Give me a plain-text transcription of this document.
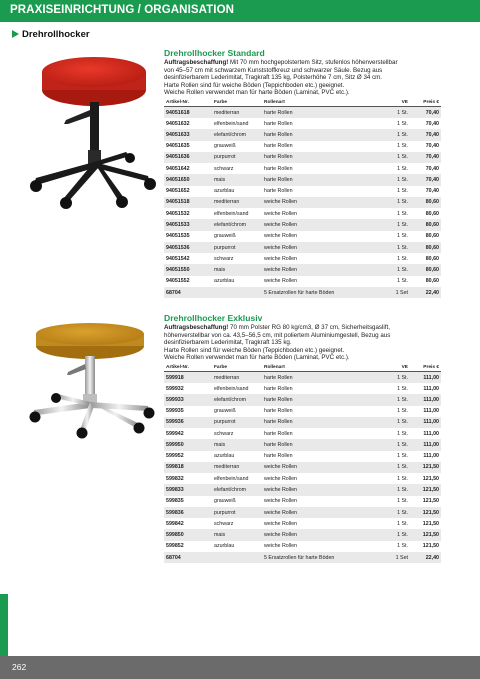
PRAXISEINRICHTUNG / ORGANISATION
Drehrollhocker
Drehrollhocker Standard
Auftragsbeschaffung! Mit 70 mm hochgepolstertem Sitz, stufenlos höhenverstellbar
von 45–57 cm mit schwarzem Kunststoffkreuz und schwarzer Säule. Bezug aus
desinfizierbarem Lederimitat, Tragkraft 135 kg, Polsterhöhe 7 cm, Sitz Ø 34 cm.
Harte Rollen sind für weiche Böden (Teppichboden etc.) geeignet.
Weiche Rollen verwendet man für harte Böden (Laminat, PVC etc.).
Artikel-Nr.	Farbe	Rollenart	VE	Preis €
94051618	mediterran	harte Rollen	1 St.	70,40
94051632	elfenbein/sand	harte Rollen	1 St.	70,40
94051633	elefant/chrom	harte Rollen	1 St.	70,40
94051635	grauweiß	harte Rollen	1 St.	70,40
94051636	purpurrot	harte Rollen	1 St.	70,40
94051642	schwarz	harte Rollen	1 St.	70,40
94051650	mais	harte Rollen	1 St.	70,40
94051652	azurblau	harte Rollen	1 St.	70,40
94051518	mediterran	weiche Rollen	1 St.	80,60
94051532	elfenbein/sand	weiche Rollen	1 St.	80,60
94051533	elefant/chrom	weiche Rollen	1 St.	80,60
94051535	grauweiß	weiche Rollen	1 St.	80,60
94051536	purpurrot	weiche Rollen	1 St.	80,60
94051542	schwarz	weiche Rollen	1 St.	80,60
94051550	mais	weiche Rollen	1 St.	80,60
94051552	azurblau	weiche Rollen	1 St.	80,60
68704		5 Ersatzrollen für harte Böden	1 Set	22,40
Drehrollhocker Exklusiv
Auftragsbeschaffung! 70 mm Polster RG 80 kg/cm3, Ø 37 cm, Sicherheitsgaslift,
höhenverstellbar von ca. 43,5–56,5 cm, mit poliertem Aluminiumgestell, Bezug aus
desinfizierbarem Lederimitat, Tragkraft 135 kg.
Harte Rollen sind für weiche Böden (Teppichboden etc.) geeignet.
Weiche Rollen verwendet man für harte Böden (Laminat, PVC etc.).
Artikel-Nr.	Farbe	Rollenart	VE	Preis €
599918	mediterran	harte Rollen	1 St.	111,00
599932	elfenbein/sand	harte Rollen	1 St.	111,00
599933	elefant/chrom	harte Rollen	1 St.	111,00
599935	grauweiß	harte Rollen	1 St.	111,00
599936	purpurrot	harte Rollen	1 St.	111,00
599942	schwarz	harte Rollen	1 St.	111,00
599950	mais	harte Rollen	1 St.	111,00
599952	azurblau	harte Rollen	1 St.	111,00
599818	mediterran	weiche Rollen	1 St.	121,50
599832	elfenbein/sand	weiche Rollen	1 St.	121,50
599833	elefant/chrom	weiche Rollen	1 St.	121,50
599835	grauweiß	weiche Rollen	1 St.	121,50
599836	purpurrot	weiche Rollen	1 St.	121,50
599842	schwarz	weiche Rollen	1 St.	121,50
599850	mais	weiche Rollen	1 St.	121,50
599852	azurblau	weiche Rollen	1 St.	121,50
68704		5 Ersatzrollen für harte Böden	1 Set	22,40
262
